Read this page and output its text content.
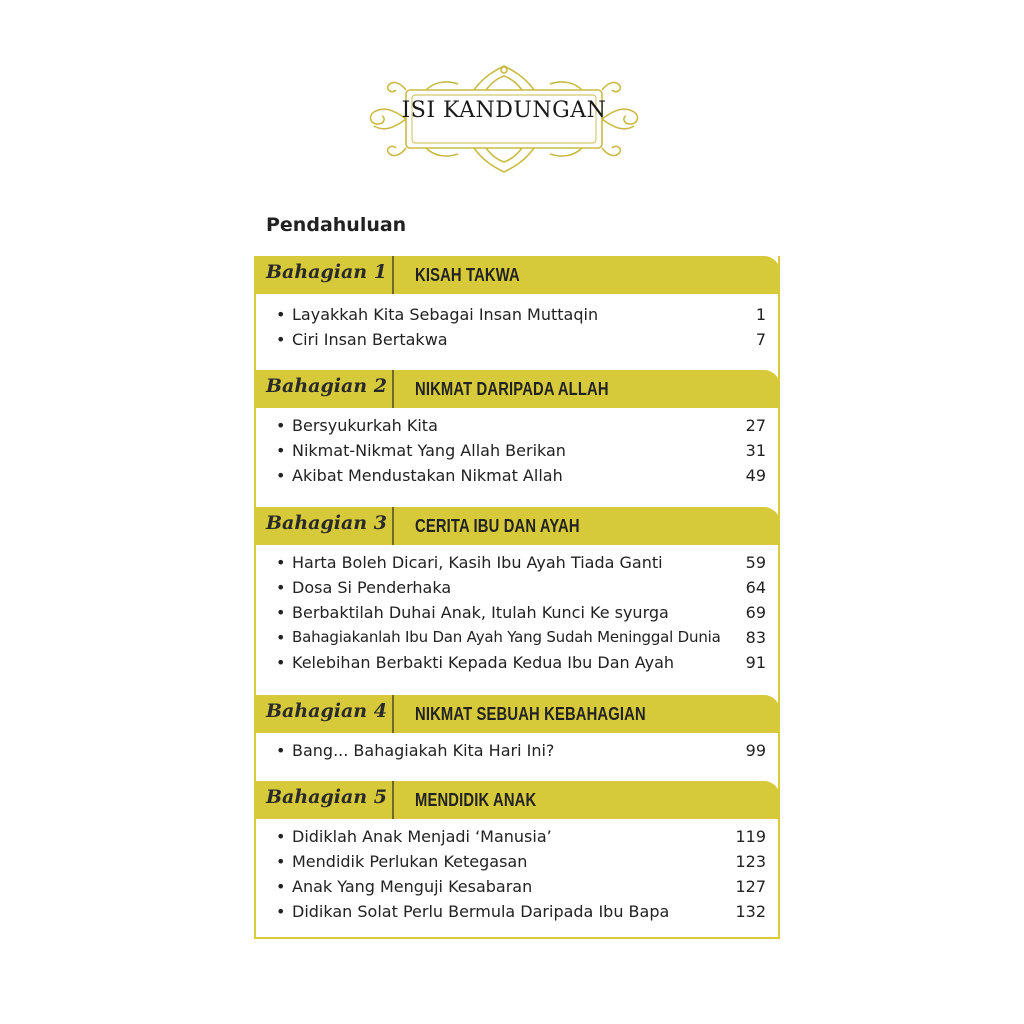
ISI KANDUNGAN
Pendahuluan
Bahagian 1 KISAH TAKWA
• Layakkah Kita Sebagai Insan Muttaqin	1
• Ciri Insan Bertakwa	7
Bahagian 2 NIKMAT DARIPADA ALLAH
• Bersyukurkah Kita	27
• Nikmat-Nikmat Yang Allah Berikan	31
• Akibat Mendustakan Nikmat Allah	49
Bahagian 3 CERITA IBU DAN AYAH
• Harta Boleh Dicari, Kasih Ibu Ayah Tiada Ganti	59
• Dosa Si Penderhaka	64
• Berbaktilah Duhai Anak, Itulah Kunci Ke syurga	69
• Bahagiakanlah Ibu Dan Ayah Yang Sudah Meninggal Dunia 83
• Kelebihan Berbakti Kepada Kedua Ibu Dan Ayah	91
Bahagian 4 NIKMAT SEBUAH KEBAHAGIAN
• Bang... Bahagiakah Kita Hari Ini?	99
Bahagian 5 MENDIDIK ANAK
• Didiklah Anak Menjadi ‘Manusia’	119
• Mendidik Perlukan Ketegasan	123
• Anak Yang Menguji Kesabaran	127
• Didikan Solat Perlu Bermula Daripada Ibu Bapa	132
